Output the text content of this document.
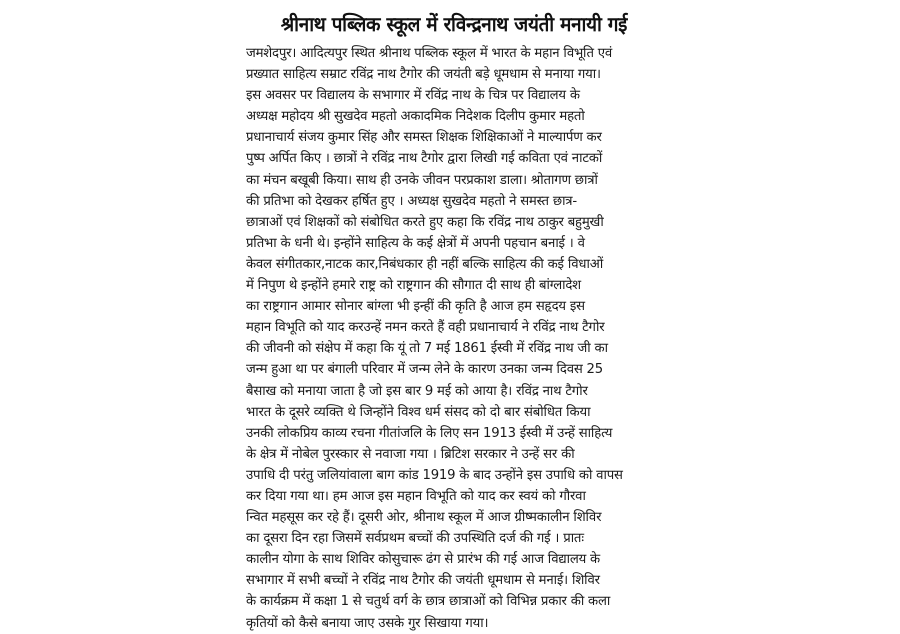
श्रीनाथ पब्लिक स्कूल में रविन्द्रनाथ जयंती मनायी गई
जमशेदपुर। आदित्यपुर स्थित श्रीनाथ पब्लिक स्कूल में भारत के महान विभूति एवं
प्रख्यात साहित्य सम्राट रविंद्र नाथ टैगोर की जयंती बड़े धूमधाम से मनाया गया।
इस अवसर पर विद्यालय के सभागार में रविंद्र नाथ के चित्र पर विद्यालय के
अध्यक्ष महोदय श्री सुखदेव महतो अकादमिक निदेशक दिलीप कुमार महतो
प्रधानाचार्य संजय कुमार सिंह और समस्त शिक्षक शिक्षिकाओं ने माल्यार्पण कर
पुष्प अर्पित किए । छात्रों ने रविंद्र नाथ टैगोर द्वारा लिखी गई कविता एवं नाटकों
का मंचन बखूबी किया। साथ ही उनके जीवन परप्रकाश डाला। श्रोतागण छात्रों
की प्रतिभा को देखकर हर्षित हुए । अध्यक्ष सुखदेव महतो ने समस्त छात्र-
छात्राओं एवं शिक्षकों को संबोधित करते हुए कहा कि रविंद्र नाथ ठाकुर बहुमुखी
प्रतिभा के धनी थे। इन्होंने साहित्य के कई क्षेत्रों में अपनी पहचान बनाई । वे
केवल संगीतकार,नाटक कार,निबंधकार ही नहीं बल्कि साहित्य की कई विधाओं
में निपुण थे इन्होंने हमारे राष्ट्र को राष्ट्रगान की सौगात दी साथ ही बांग्लादेश
का राष्ट्रगान आमार सोनार बांग्ला भी इन्हीं की कृति है आज हम सहृदय इस
महान विभूति को याद करउन्हें नमन करते हैं वही प्रधानाचार्य ने रविंद्र नाथ टैगोर
की जीवनी को संक्षेप में कहा कि यूं तो 7 मई 1861 ईस्वी में रविंद्र नाथ जी का
जन्म हुआ था पर बंगाली परिवार में जन्म लेने के कारण उनका जन्म दिवस 25
बैसाख को मनाया जाता है जो इस बार 9 मई को आया है। रविंद्र नाथ टैगोर
भारत के दूसरे व्यक्ति थे जिन्होंने विश्व धर्म संसद को दो बार संबोधित किया
उनकी लोकप्रिय काव्य रचना गीतांजलि के लिए सन 1913 ईस्वी में उन्हें साहित्य
के क्षेत्र में नोबेल पुरस्कार से नवाजा गया । ब्रिटिश सरकार ने उन्हें सर की
उपाधि दी परंतु जलियांवाला बाग कांड 1919 के बाद उन्होंने इस उपाधि को वापस
कर दिया गया था। हम आज इस महान विभूति को याद कर स्वयं को गौरवा
न्वित महसूस कर रहे हैं। दूसरी ओर, श्रीनाथ स्कूल में आज ग्रीष्मकालीन शिविर
का दूसरा दिन रहा जिसमें सर्वप्रथम बच्चों की उपस्थिति दर्ज की गई । प्रातः
कालीन योगा के साथ शिविर कोसुचारू ढंग से प्रारंभ की गई आज विद्यालय के
सभागार में सभी बच्चों ने रविंद्र नाथ टैगोर की जयंती धूमधाम से मनाई। शिविर
के कार्यक्रम में कक्षा 1 से चतुर्थ वर्ग के छात्र छात्राओं को विभिन्न प्रकार की कला
कृतियों को कैसे बनाया जाए उसके गुर सिखाया गया।
